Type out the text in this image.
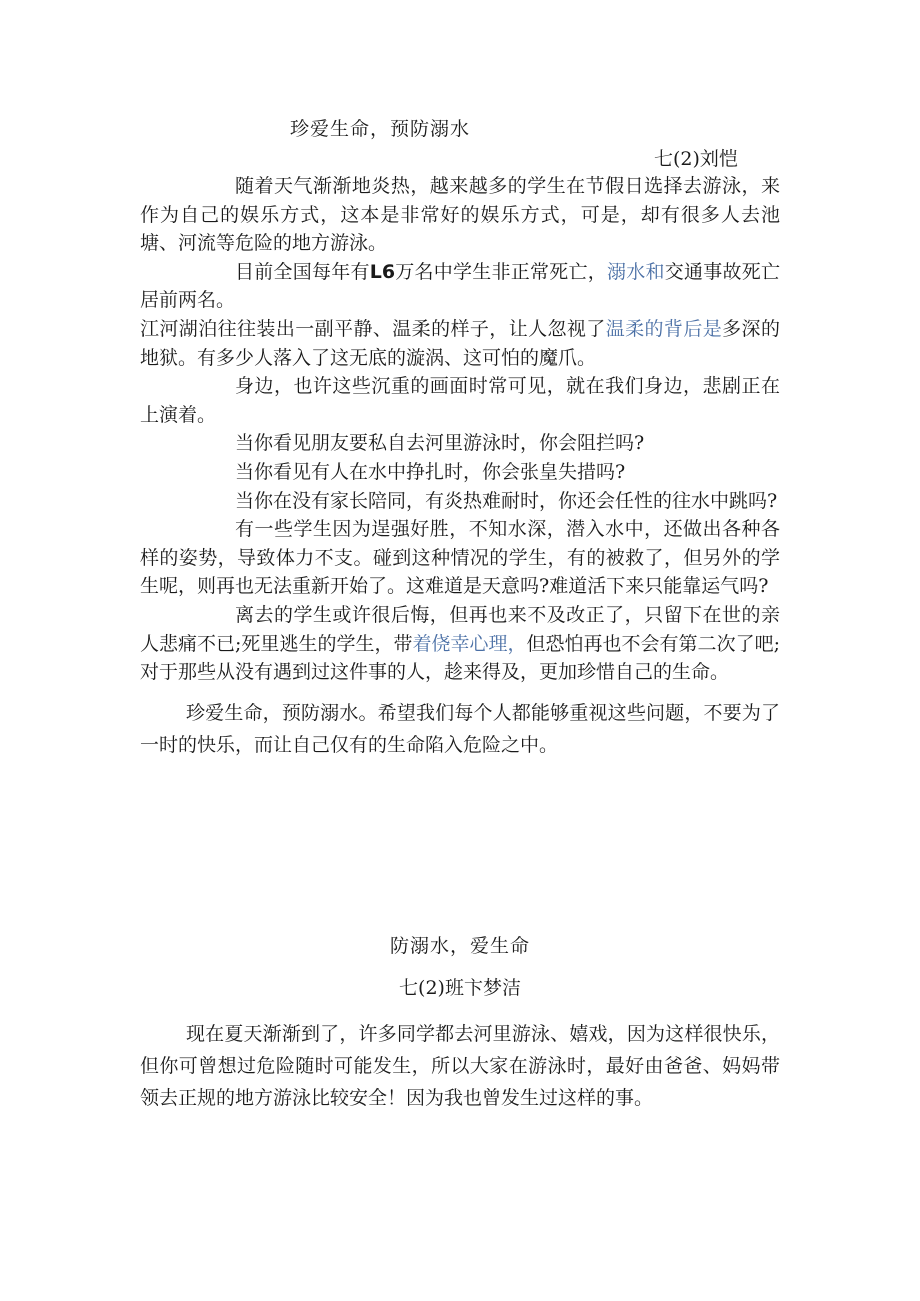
珍爱生命，预防溺水
七(2)刘恺

随着天气渐渐地炎热，越来越多的学生在节假日选择去游泳，来作为自己的娱乐方式，这本是非常好的娱乐方式，可是，却有很多人去池塘、河流等危险的地方游泳。

目前全国每年有L6万名中学生非正常死亡，溺水和交通事故死亡居前两名。

江河湖泊往往装出一副平静、温柔的样子，让人忽视了温柔的背后是多深的地狱。有多少人落入了这无底的漩涡、这可怕的魔爪。

身边，也许这些沉重的画面时常可见，就在我们身边，悲剧正在上演着。

当你看见朋友要私自去河里游泳时，你会阻拦吗?

当你看见有人在水中挣扎时，你会张皇失措吗?

当你在没有家长陪同，有炎热难耐时，你还会任性的往水中跳吗?

有一些学生因为逞强好胜，不知水深，潜入水中，还做出各种各样的姿势，导致体力不支。碰到这种情况的学生，有的被救了，但另外的学生呢，则再也无法重新开始了。这难道是天意吗?难道活下来只能靠运气吗?

离去的学生或许很后悔，但再也来不及改正了，只留下在世的亲人悲痛不已;死里逃生的学生，带着侥幸心理，但恐怕再也不会有第二次了吧;对于那些从没有遇到过这件事的人，趁来得及，更加珍惜自己的生命。

珍爱生命，预防溺水。希望我们每个人都能够重视这些问题，不要为了一时的快乐，而让自己仅有的生命陷入危险之中。

防溺水，爱生命
七(2)班卞梦洁

现在夏天渐渐到了，许多同学都去河里游泳、嬉戏，因为这样很快乐，但你可曾想过危险随时可能发生，所以大家在游泳时，最好由爸爸、妈妈带领去正规的地方游泳比较安全！因为我也曾发生过这样的事。
